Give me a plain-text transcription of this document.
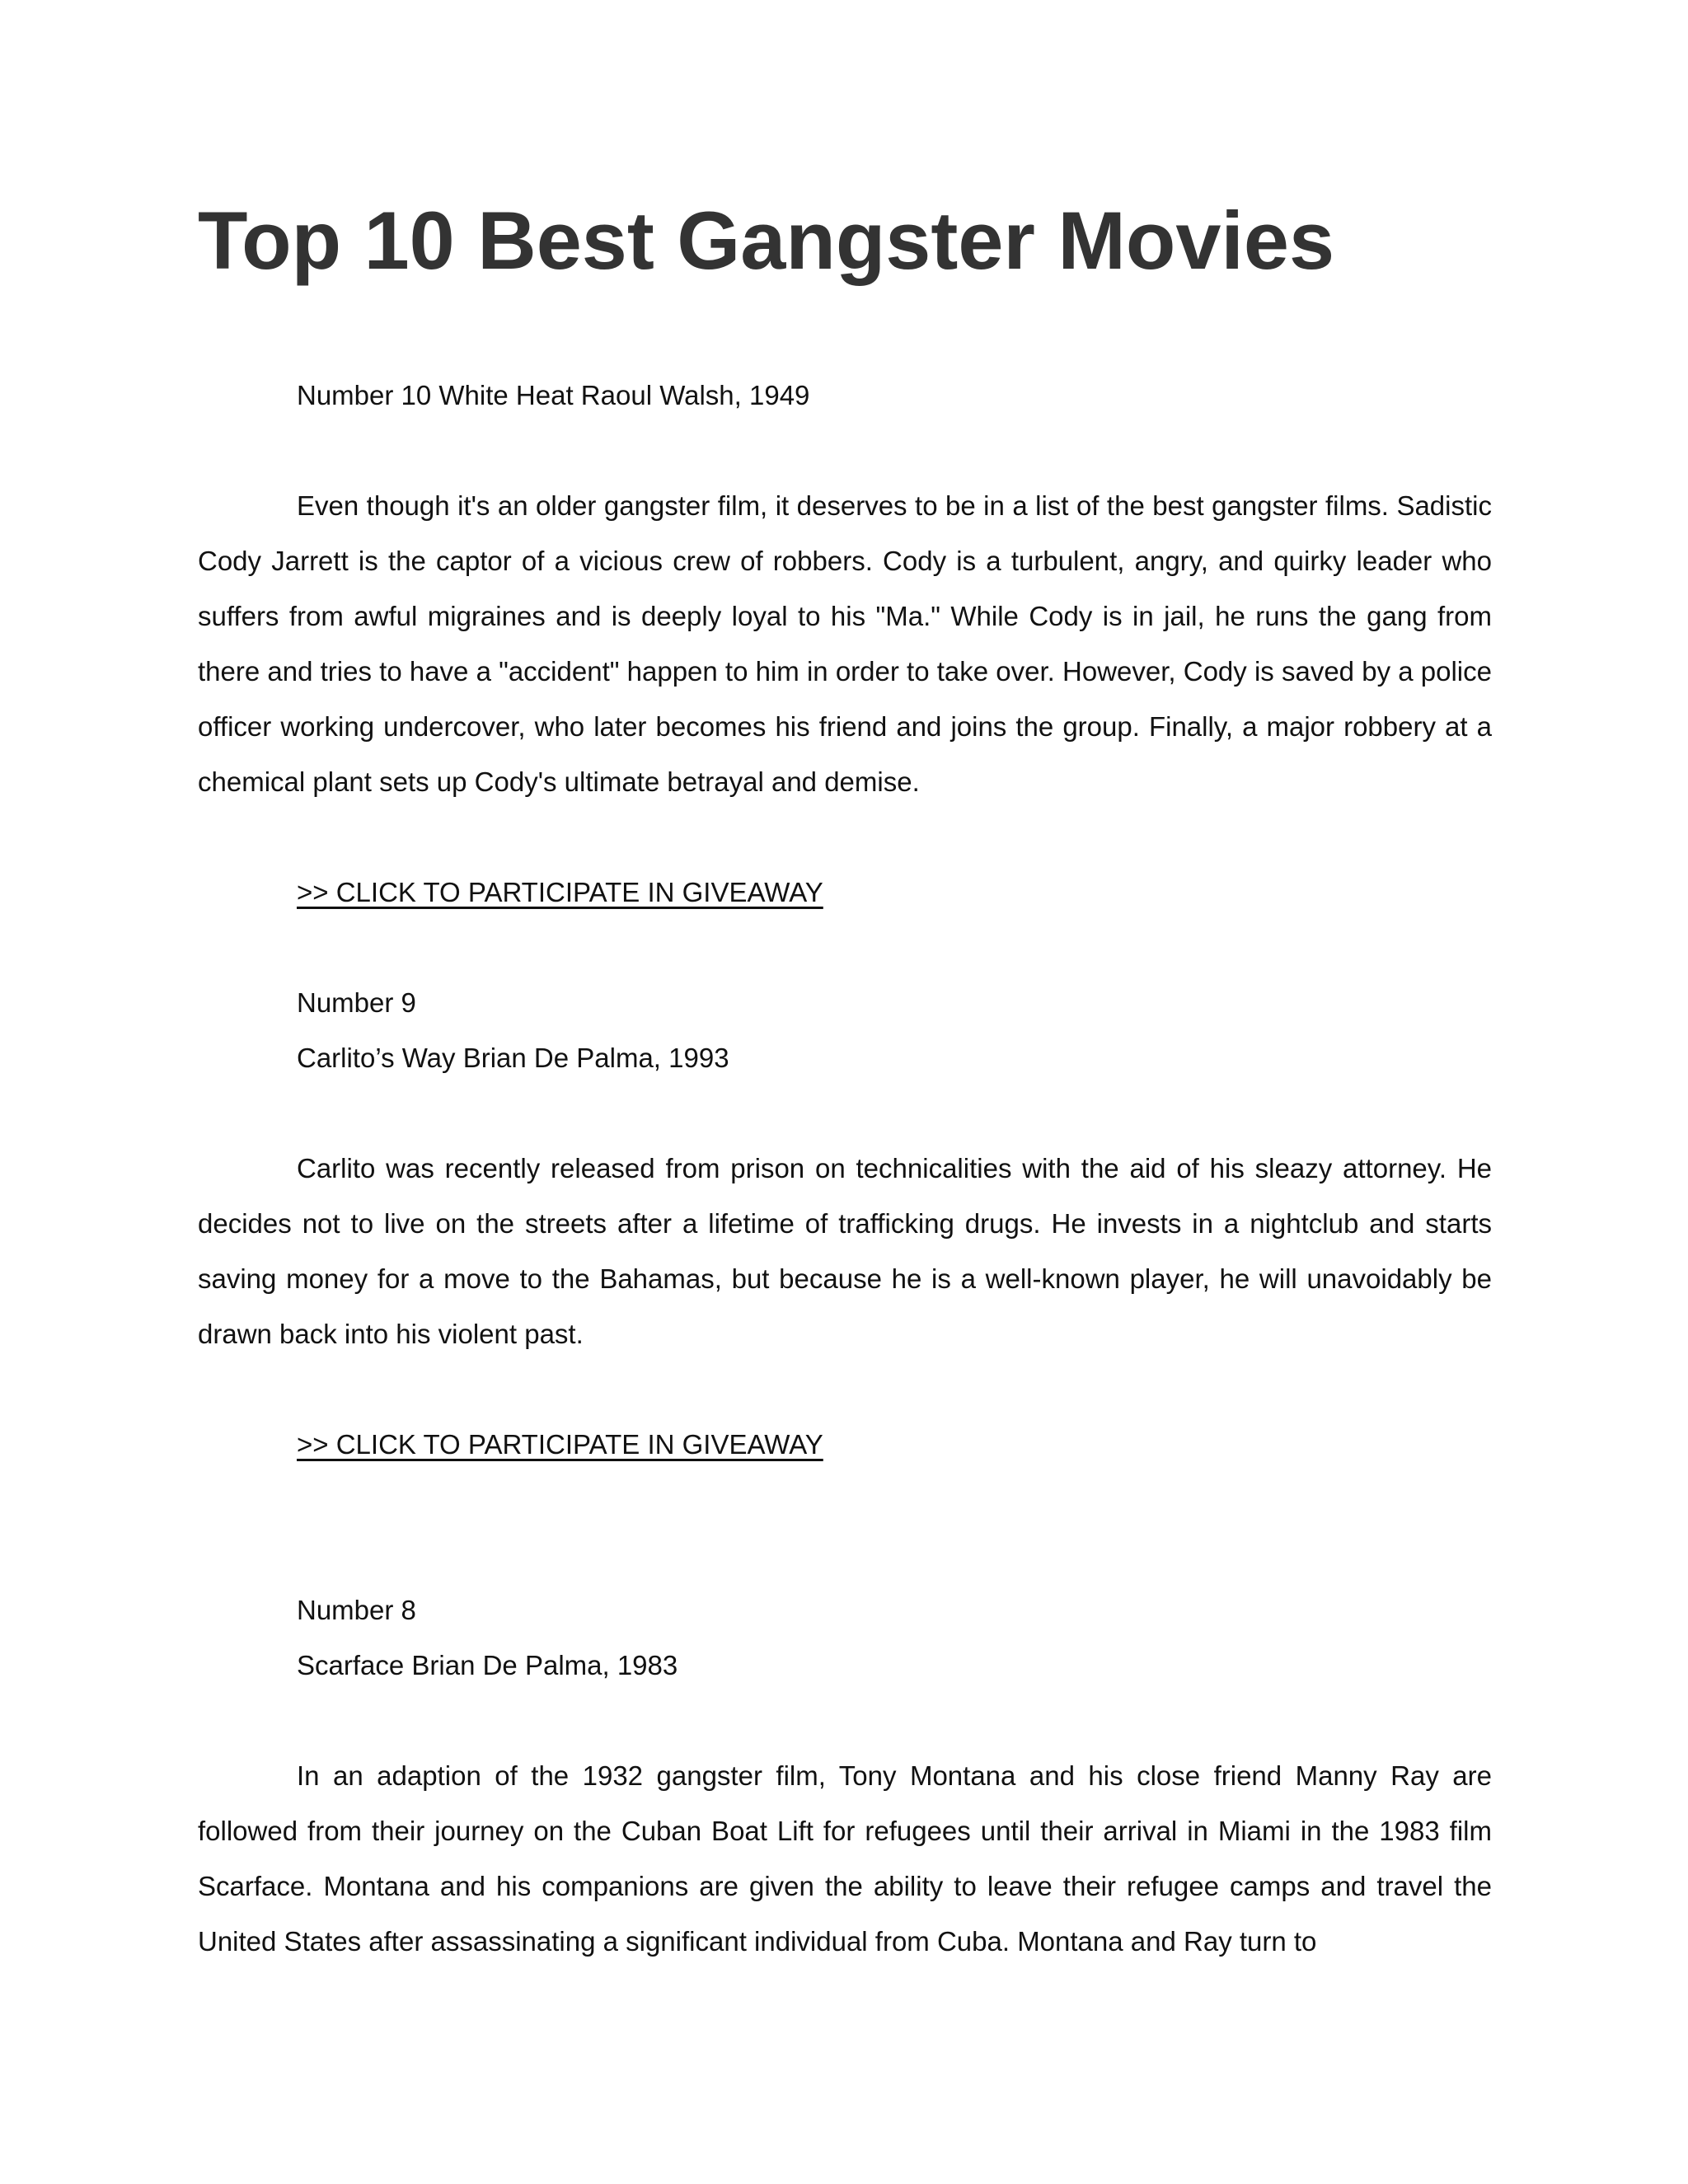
Top 10 Best Gangster Movies

Number 10 White Heat Raoul Walsh, 1949

Even though it's an older gangster film, it deserves to be in a list of the best gangster films. Sadistic Cody Jarrett is the captor of a vicious crew of robbers. Cody is a turbulent, angry, and quirky leader who suffers from awful migraines and is deeply loyal to his "Ma." While Cody is in jail, he runs the gang from there and tries to have a "accident" happen to him in order to take over. However, Cody is saved by a police officer working undercover, who later becomes his friend and joins the group. Finally, a major robbery at a chemical plant sets up Cody's ultimate betrayal and demise.

>> CLICK TO PARTICIPATE IN GIVEAWAY

Number 9

Carlito’s Way Brian De Palma, 1993

Carlito was recently released from prison on technicalities with the aid of his sleazy attorney. He decides not to live on the streets after a lifetime of trafficking drugs. He invests in a nightclub and starts saving money for a move to the Bahamas, but because he is a well-known player, he will unavoidably be drawn back into his violent past.

>> CLICK TO PARTICIPATE IN GIVEAWAY

Number 8

Scarface Brian De Palma, 1983

In an adaption of the 1932 gangster film, Tony Montana and his close friend Manny Ray are followed from their journey on the Cuban Boat Lift for refugees until their arrival in Miami in the 1983 film Scarface. Montana and his companions are given the ability to leave their refugee camps and travel the United States after assassinating a significant individual from Cuba. Montana and Ray turn to
